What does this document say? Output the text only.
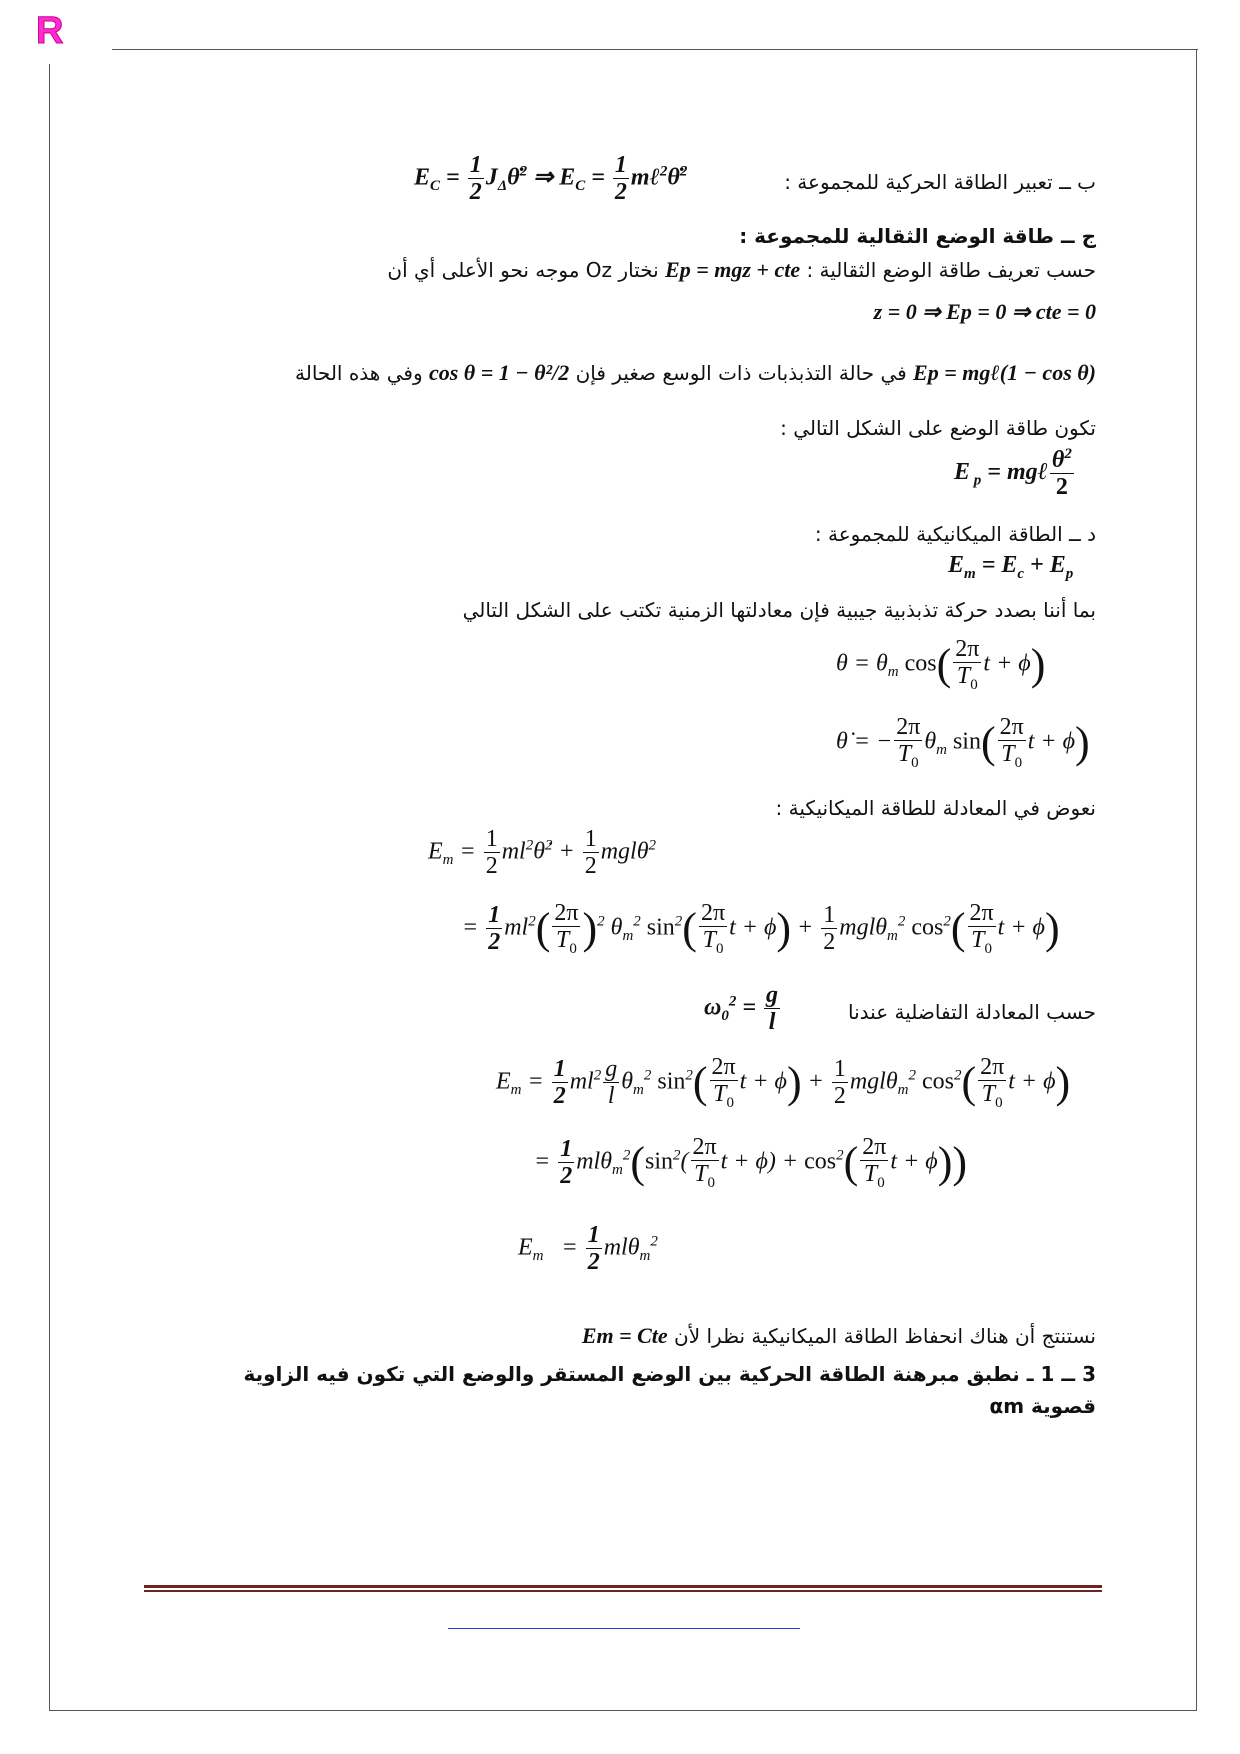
R
ب ــ تعبير الطاقة الحركية للمجموعة :
$E_C = \frac{1}{2}$ $J_\Delta\thetȧ^2$ ⇒ $E_C = \frac{1}{2}$ mℓ$^2$θ̇$^2$
ج ــ طاقة الوضع الثقالية للمجموعة :
حسب تعريف طاقة الوضع الثقالية : Ep = mgz + cte نختار Oz موجه نحو الأعلى أي أن
z = 0 ⇒ Ep = 0 ⇒ cte = 0
Ep = mgℓ(1 − cos θ) في حالة التذبذبات ذات الوسع صغير فإن cos θ = 1 − θ²/2 وفي هذه الحالة
تكون طاقة الوضع على الشكل التالي :
E $_p$ = mgℓ $\frac{\theta^2}{2}$
د ــ الطاقة الميكانيكية للمجموعة :
$E_m = E_c + E_p$
بما أننا بصدد حركة تذبذبية جيبية فإن معادلتها الزمنية تكتب على الشكل التالي
$\theta = \theta_m$ $\cos( \frac{2\pi}{T_0}$ t + ϕ)
θ̇ = − $\frac{2\pi}{T_0} \theta_m$ $\sin( \frac{2\pi}{T_0}$ t + ϕ)
نعوض في المعادلة للطاقة الميكانيكية :
$E_m = \frac{1}{2}$ $ml^2\thetȧ^2 + \frac{1}{2} mgl\theta^2$
= $\frac{1}{2} ml^2( \frac{2\pi}{T_0} )^2$ $\theta_m^2$ $\sin^2( \frac{2\pi}{T_0}$ $t + \phi) + \frac{1}{2} mgl\theta_m^2$ $\cos^2( \frac{2\pi}{T_0}$ t + ϕ)
حسب المعادلة التفاضلية عندنا
$\omega_0^2 = \frac{g}{l}$
$E_m = \frac{1}{2} ml^2 \frac{g}{l} \theta_m^2$ $\sin^2( \frac{2\pi}{T_0}$ $t + \phi) + \frac{1}{2} mgl\theta_m^2$ $\cos^2( \frac{2\pi}{T_0}$ t + ϕ)
= $\frac{1}{2} ml\theta_m^2(\sin^2( \frac{2\pi}{T_0}$ $t + \phi) + \cos^2( \frac{2\pi}{T_0}$ t + ϕ))
$E_m = \frac{1}{2} ml\theta_m^2$
نستنتج أن هناك انحفاظ الطاقة الميكانيكية نظرا لأن Em = Cte
3 ــ 1 ـ نطبق مبرهنة الطاقة الحركية بين الوضع المستقر والوضع التي تكون فيه الزاوية
قصوية αm
